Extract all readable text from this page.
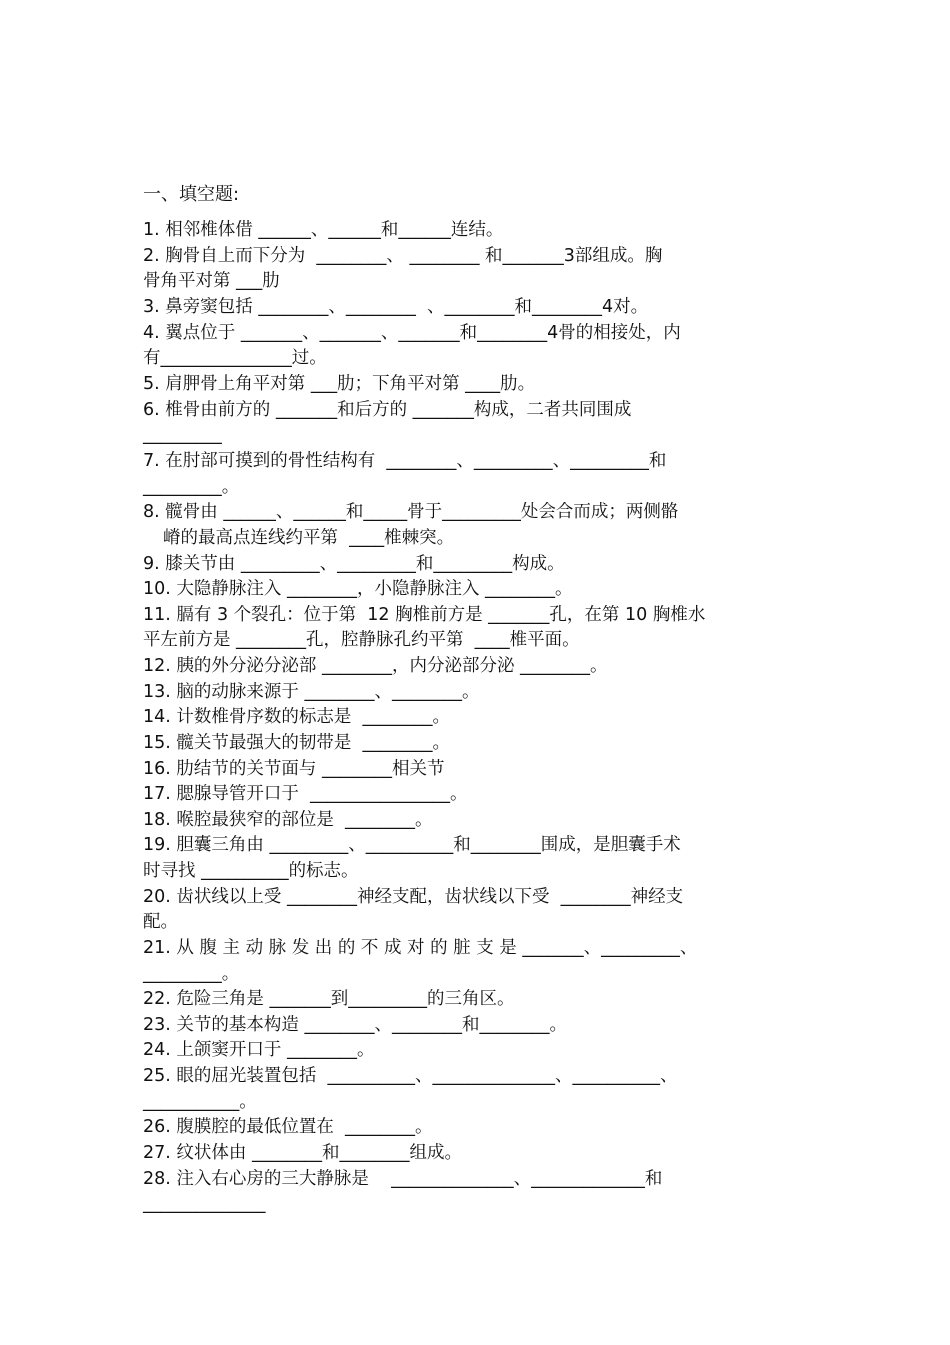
一、填空题:
1. 相邻椎体借 ______、______和______连结。
2. 胸骨自上而下分为  ________、 ________ 和_______3部组成。胸
骨角平对第 ___肋
3. 鼻旁窦包括 ________、________  、________和________4对。
4. 翼点位于 _______、_______、_______和________4骨的相接处，内
有_______________过。
5. 肩胛骨上角平对第 ___肋；下角平对第 ____肋。
6. 椎骨由前方的 _______和后方的 _______构成，二者共同围成
_________
7. 在肘部可摸到的骨性结构有  ________、_________、_________和
_________。
8. 髋骨由 ______、______和_____骨于_________处会合而成；两侧骼
嵴的最高点连线约平第  ____椎棘突。
9. 膝关节由 _________、_________和_________构成。
10. 大隐静脉注入 ________，小隐静脉注入 ________。
11. 膈有 3 个裂孔：位于第  12 胸椎前方是 _______孔，在第 10 胸椎水
平左前方是 ________孔，腔静脉孔约平第  ____椎平面。
12. 胰的外分泌分泌部 ________，内分泌部分泌 ________。
13. 脑的动脉来源于 ________、________。
14. 计数椎骨序数的标志是  ________。
15. 髋关节最强大的韧带是  ________。
16. 肋结节的关节面与 ________相关节
17. 腮腺导管开口于  ________________。
18. 喉腔最狭窄的部位是  ________。
19. 胆囊三角由 _________、__________和________围成，是胆囊手术
时寻找 __________的标志。
20. 齿状线以上受 ________神经支配，齿状线以下受  ________神经支
配。
21. 从 腹 主 动 脉 发 出 的 不 成 对 的 脏 支 是 _______、_________、
_________。
22. 危险三角是 _______到_________的三角区。
23. 关节的基本构造 ________、________和________。
24. 上颌窦开口于 ________。
25. 眼的屈光装置包括  __________、______________、__________、
___________。
26. 腹膜腔的最低位置在  ________。
27. 纹状体由 ________和________组成。
28. 注入右心房的三大静脉是    ______________、_____________和
______________
